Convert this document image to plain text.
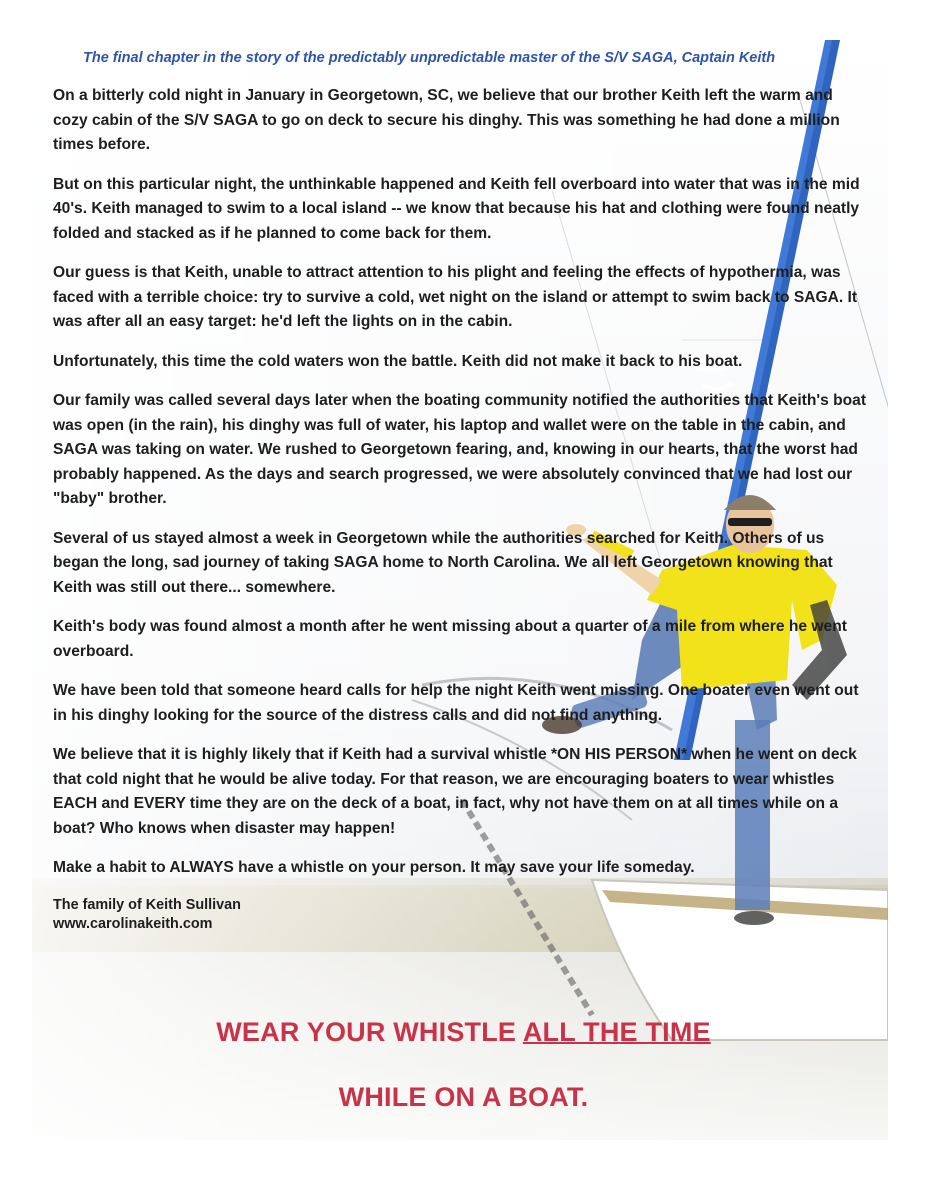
The final chapter in the story of the predictably unpredictable master of the S/V SAGA, Captain Keith

On a bitterly cold night in January in Georgetown, SC, we believe that our brother Keith left the warm and cozy cabin of the S/V SAGA to go on deck to secure his dinghy. This was something he had done a million times before.

But on this particular night, the unthinkable happened and Keith fell overboard into water that was in the mid 40's. Keith managed to swim to a local island -- we know that because his hat and clothing were found neatly folded and stacked as if he planned to come back for them.

Our guess is that Keith, unable to attract attention to his plight and feeling the effects of hypothermia, was faced with a terrible choice: try to survive a cold, wet night on the island or attempt to swim back to SAGA. It was after all an easy target: he'd left the lights on in the cabin.

Unfortunately, this time the cold waters won the battle. Keith did not make it back to his boat.

Our family was called several days later when the boating community notified the authorities that Keith's boat was open (in the rain), his dinghy was full of water, his laptop and wallet were on the table in the cabin, and SAGA was taking on water. We rushed to Georgetown fearing, and, knowing in our hearts, that the worst had probably happened. As the days and search progressed, we were absolutely convinced that we had lost our "baby" brother.

Several of us stayed almost a week in Georgetown while the authorities searched for Keith. Others of us began the long, sad journey of taking SAGA home to North Carolina. We all left Georgetown knowing that Keith was still out there... somewhere.

Keith's body was found almost a month after he went missing about a quarter of a mile from where he went overboard.

We have been told that someone heard calls for help the night Keith went missing. One boater even went out in his dinghy looking for the source of the distress calls and did not find anything.

We believe that it is highly likely that if Keith had a survival whistle *ON HIS PERSON* when he went on deck that cold night that he would be alive today. For that reason, we are encouraging boaters to wear whistles EACH and EVERY time they are on the deck of a boat, in fact, why not have them on at all times while on a boat? Who knows when disaster may happen!

Make a habit to ALWAYS have a whistle on your person. It may save your life someday.

The family of Keith Sullivan
www.carolinakeith.com
WEAR YOUR WHISTLE ALL THE TIME
WHILE ON A BOAT.
